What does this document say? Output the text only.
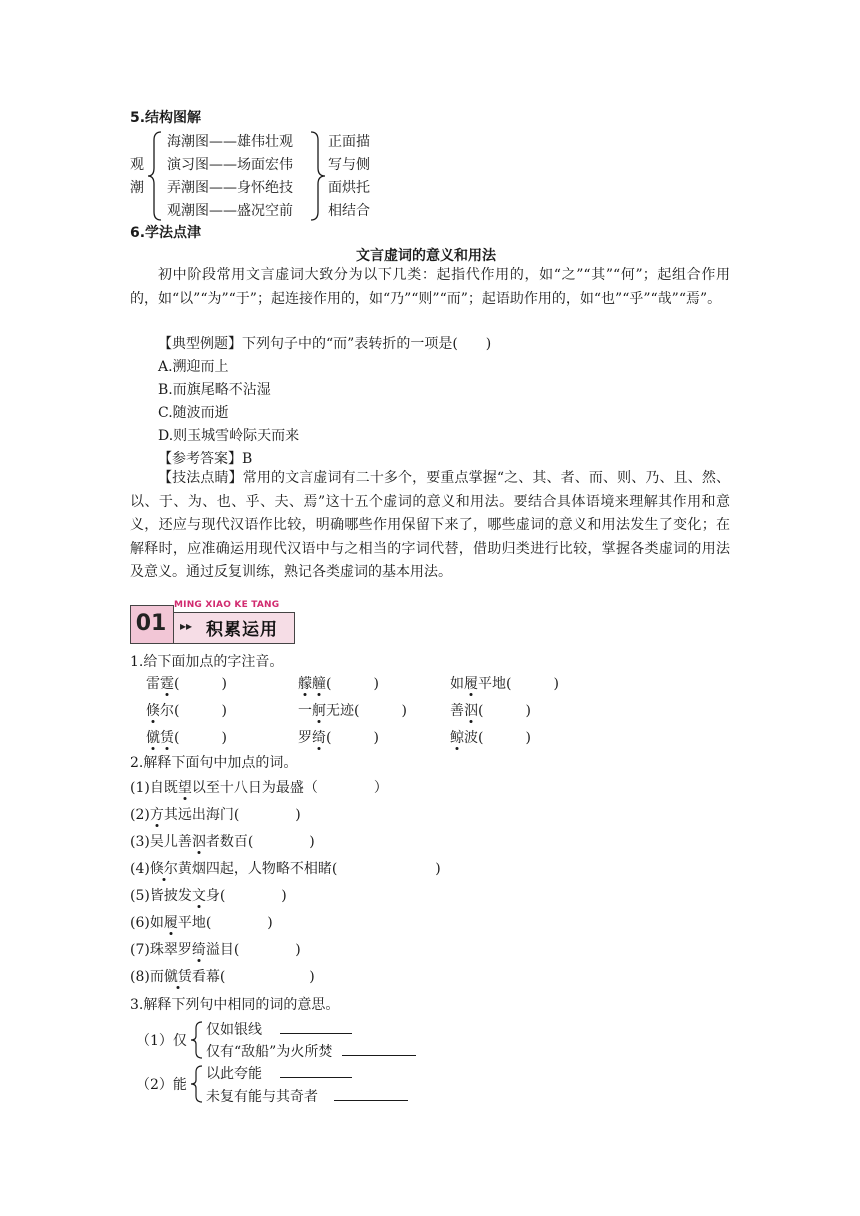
5.结构图解
观
潮
海潮图——雄伟壮观
演习图——场面宏伟
弄潮图——身怀绝技
观潮图——盛况空前
正面描
写与侧
面烘托
相结合
6.学法点津
文言虚词的意义和用法
初中阶段常用文言虚词大致分为以下几类：起指代作用的，如“之”“其”“何”；起组合作用的，如“以”“为”“于”；起连接作用的，如“乃”“则”“而”；起语助作用的，如“也”“乎”“哉”“焉”。
【典型例题】下列句子中的“而”表转折的一项是(　　)
A.溯迎而上
B.而旗尾略不沾湿
C.随波而逝
D.则玉城雪岭际天而来
【参考答案】B
【技法点睛】常用的文言虚词有二十多个，要重点掌握“之、其、者、而、则、乃、且、然、以、于、为、也、乎、夫、焉”这十五个虚词的意义和用法。要结合具体语境来理解其作用和意义，还应与现代汉语作比较，明确哪些作用保留下来了，哪些虚词的意义和用法发生了变化；在解释时，应准确运用现代汉语中与之相当的字词代替，借助归类进行比较，掌握各类虚词的用法及意义。通过反复训练，熟记各类虚词的基本用法。
MING XIAO KE TANG
01	▸▸ 积累运用
1.给下面加点的字注音。
雷霆(　　　)	艨艟(　　　)	如履平地(　　　)
倏尔(　　　)	一舸无迹(　　　)	善泅(　　　)
僦赁(　　　)	罗绮(　　　)	鲸波(　　　)
2.解释下面句中加点的词。
(1)自既望以至十八日为最盛（　　　　）
(2)方其远出海门(　　　　)
(3)吴儿善泅者数百(　　　　)
(4)倏尔黄烟四起，人物略不相睹(　　　　　　　)
(5)皆披发文身(　　　　)
(6)如履平地(　　　　)
(7)珠翠罗绮溢目(　　　　)
(8)而僦赁看幕(　　　　　　)
3.解释下列句中相同的词的意思。
（1）仅
仅如银线
仅有“敌船”为火所焚
（2）能
以此夸能
未复有能与其奇者
